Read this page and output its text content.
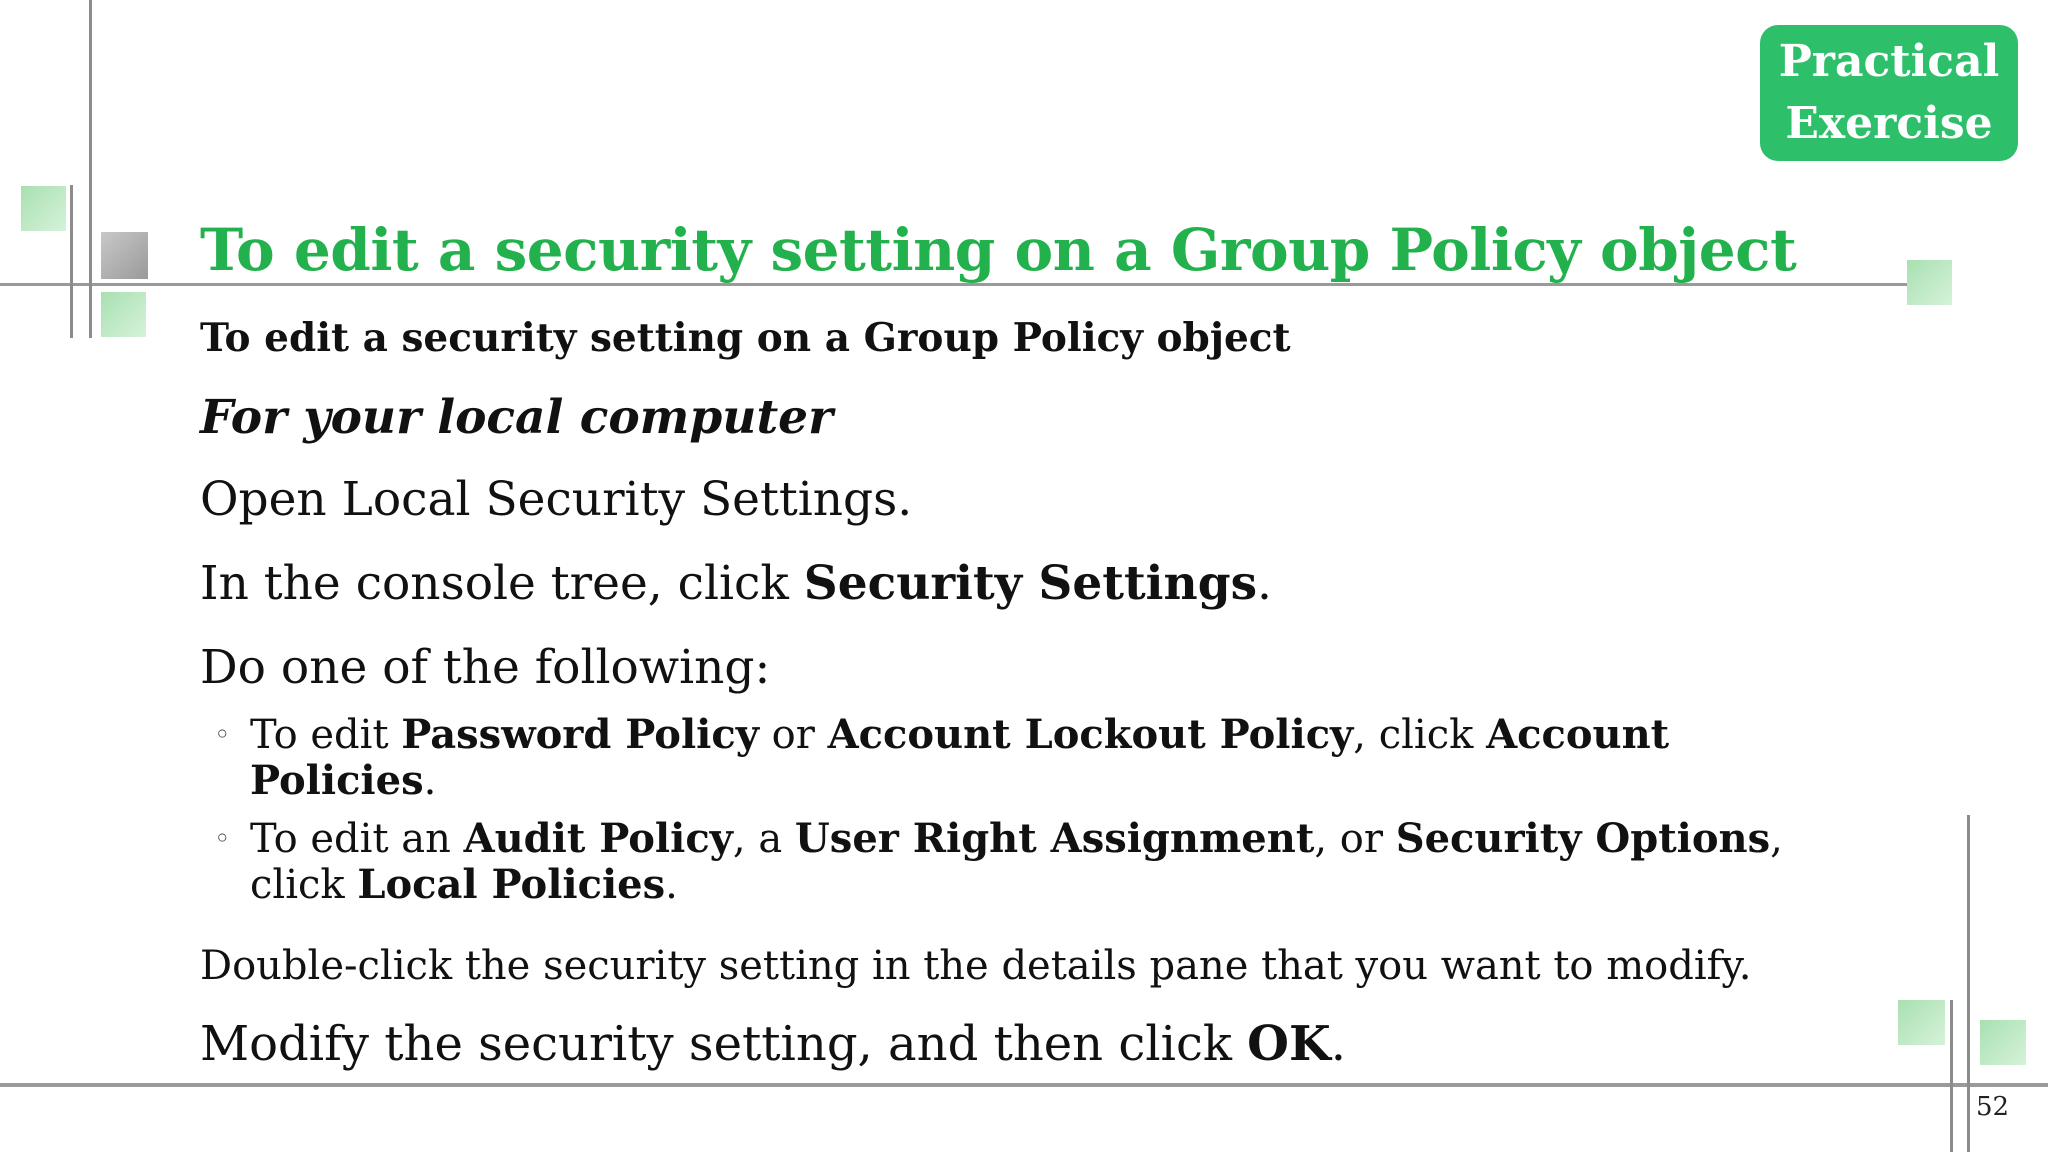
Practical
Exercise
To edit a security setting on a Group Policy object

To edit a security setting on a Group Policy object

For your local computer

Open Local Security Settings.

In the console tree, click Security Settings.

Do one of the following:

◦ To edit Password Policy or Account Lockout Policy, click Account Policies.
◦ To edit an Audit Policy, a User Right Assignment, or Security Options, click Local Policies.

Double-click the security setting in the details pane that you want to modify.

Modify the security setting, and then click OK.

52
